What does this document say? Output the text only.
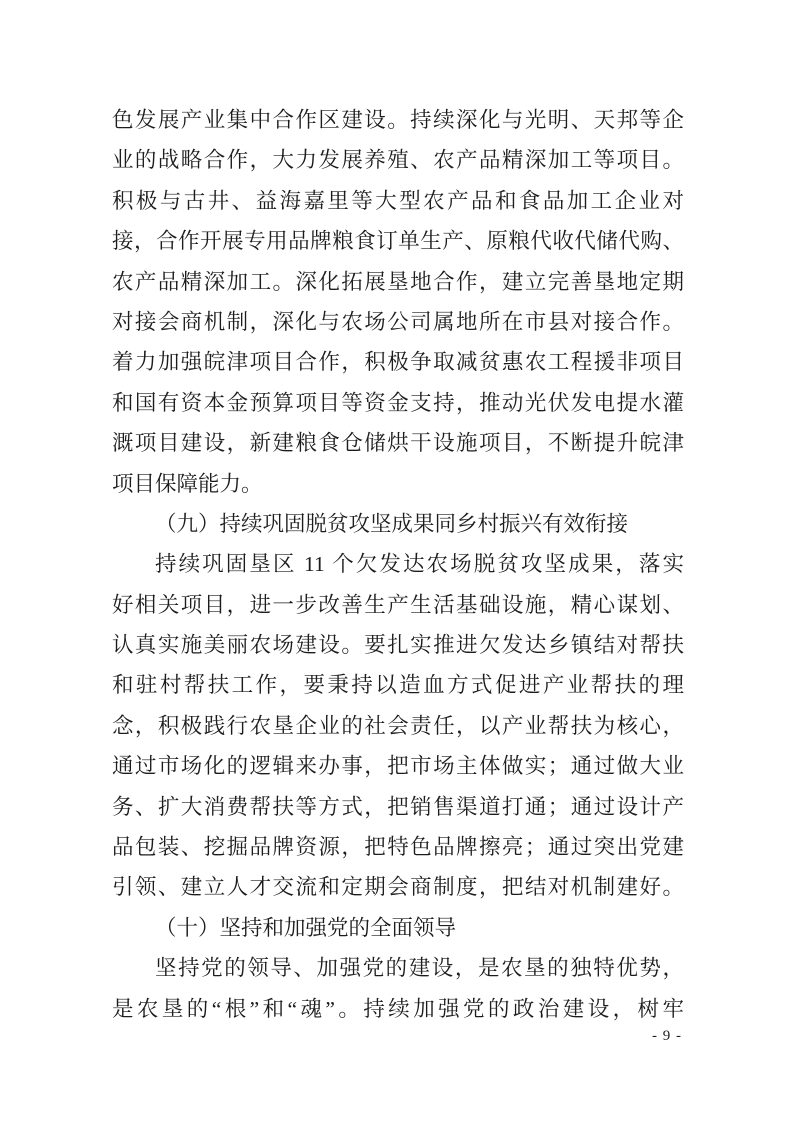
色发展产业集中合作区建设。持续深化与光明、天邦等企
业的战略合作，大力发展养殖、农产品精深加工等项目。
积极与古井、益海嘉里等大型农产品和食品加工企业对
接，合作开展专用品牌粮食订单生产、原粮代收代储代购、
农产品精深加工。深化拓展垦地合作，建立完善垦地定期
对接会商机制，深化与农场公司属地所在市县对接合作。
着力加强皖津项目合作，积极争取减贫惠农工程援非项目
和国有资本金预算项目等资金支持，推动光伏发电提水灌
溉项目建设，新建粮食仓储烘干设施项目，不断提升皖津
项目保障能力。
（九）持续巩固脱贫攻坚成果同乡村振兴有效衔接
持续巩固垦区 11 个欠发达农场脱贫攻坚成果，落实
好相关项目，进一步改善生产生活基础设施，精心谋划、
认真实施美丽农场建设。要扎实推进欠发达乡镇结对帮扶
和驻村帮扶工作，要秉持以造血方式促进产业帮扶的理
念，积极践行农垦企业的社会责任，以产业帮扶为核心，
通过市场化的逻辑来办事，把市场主体做实；通过做大业
务、扩大消费帮扶等方式，把销售渠道打通；通过设计产
品包装、挖掘品牌资源，把特色品牌擦亮；通过突出党建
引领、建立人才交流和定期会商制度，把结对机制建好。
（十）坚持和加强党的全面领导
坚持党的领导、加强党的建设，是农垦的独特优势，
是农垦的“根”和“魂”。持续加强党的政治建设，树牢
- 9 -
